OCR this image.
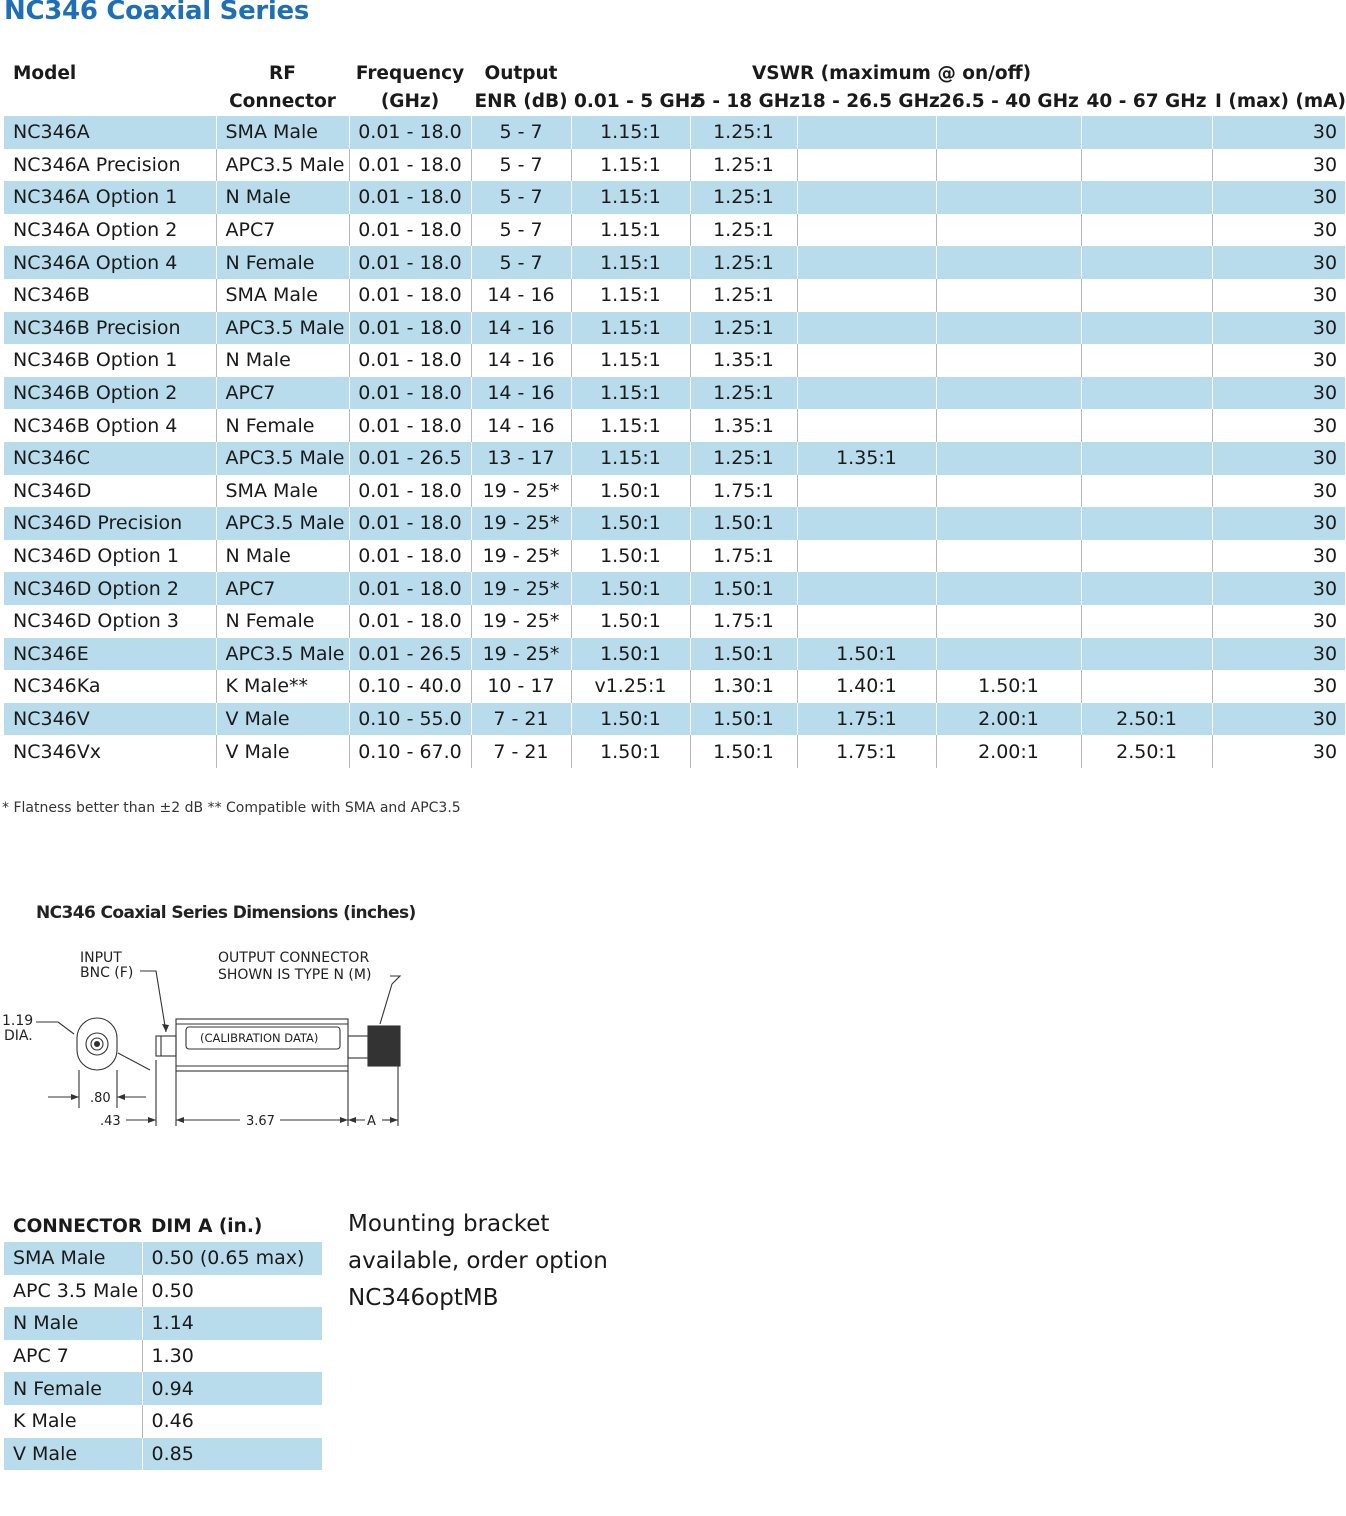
NC346 Coaxial Series
Model	RF	Frequency	Output	VSWR (maximum @ on/off)					
	Connector	(GHz)	ENR (dB)	0.01 - 5 GHz	5 - 18 GHz	18 - 26.5 GHz	26.5 - 40 GHz	40 - 67 GHz	I (max) (mA)
NC346A	SMA Male	0.01 - 18.0	5 - 7	1.15:1	1.25:1				30
NC346A Precision	APC3.5 Male	0.01 - 18.0	5 - 7	1.15:1	1.25:1				30
NC346A Option 1	N Male	0.01 - 18.0	5 - 7	1.15:1	1.25:1				30
NC346A Option 2	APC7	0.01 - 18.0	5 - 7	1.15:1	1.25:1				30
NC346A Option 4	N Female	0.01 - 18.0	5 - 7	1.15:1	1.25:1				30
NC346B	SMA Male	0.01 - 18.0	14 - 16	1.15:1	1.25:1				30
NC346B Precision	APC3.5 Male	0.01 - 18.0	14 - 16	1.15:1	1.25:1				30
NC346B Option 1	N Male	0.01 - 18.0	14 - 16	1.15:1	1.35:1				30
NC346B Option 2	APC7	0.01 - 18.0	14 - 16	1.15:1	1.25:1				30
NC346B Option 4	N Female	0.01 - 18.0	14 - 16	1.15:1	1.35:1				30
NC346C	APC3.5 Male	0.01 - 26.5	13 - 17	1.15:1	1.25:1	1.35:1			30
NC346D	SMA Male	0.01 - 18.0	19 - 25*	1.50:1	1.75:1				30
NC346D Precision	APC3.5 Male	0.01 - 18.0	19 - 25*	1.50:1	1.50:1				30
NC346D Option 1	N Male	0.01 - 18.0	19 - 25*	1.50:1	1.75:1				30
NC346D Option 2	APC7	0.01 - 18.0	19 - 25*	1.50:1	1.50:1				30
NC346D Option 3	N Female	0.01 - 18.0	19 - 25*	1.50:1	1.75:1				30
NC346E	APC3.5 Male	0.01 - 26.5	19 - 25*	1.50:1	1.50:1	1.50:1			30
NC346Ka	K Male**	0.10 - 40.0	10 - 17	v1.25:1	1.30:1	1.40:1	1.50:1		30
NC346V	V Male	0.10 - 55.0	7 - 21	1.50:1	1.50:1	1.75:1	2.00:1	2.50:1	30
NC346Vx	V Male	0.10 - 67.0	7 - 21	1.50:1	1.50:1	1.75:1	2.00:1	2.50:1	30
* Flatness better than ±2 dB ** Compatible with SMA and APC3.5
NC346 Coaxial Series Dimensions (inches)
INPUT
BNC (F)
OUTPUT CONNECTOR
SHOWN IS TYPE N (M)
1.19
DIA.	(CALIBRATION DATA)
.80
.43	3.67	A
CONNECTOR	DIM A (in.)
SMA Male	0.50 (0.65 max)
APC 3.5 Male	0.50
N Male	1.14
APC 7	1.30
N Female	0.94
K Male	0.46
V Male	0.85
Mounting bracket available, order option NC346optMB
